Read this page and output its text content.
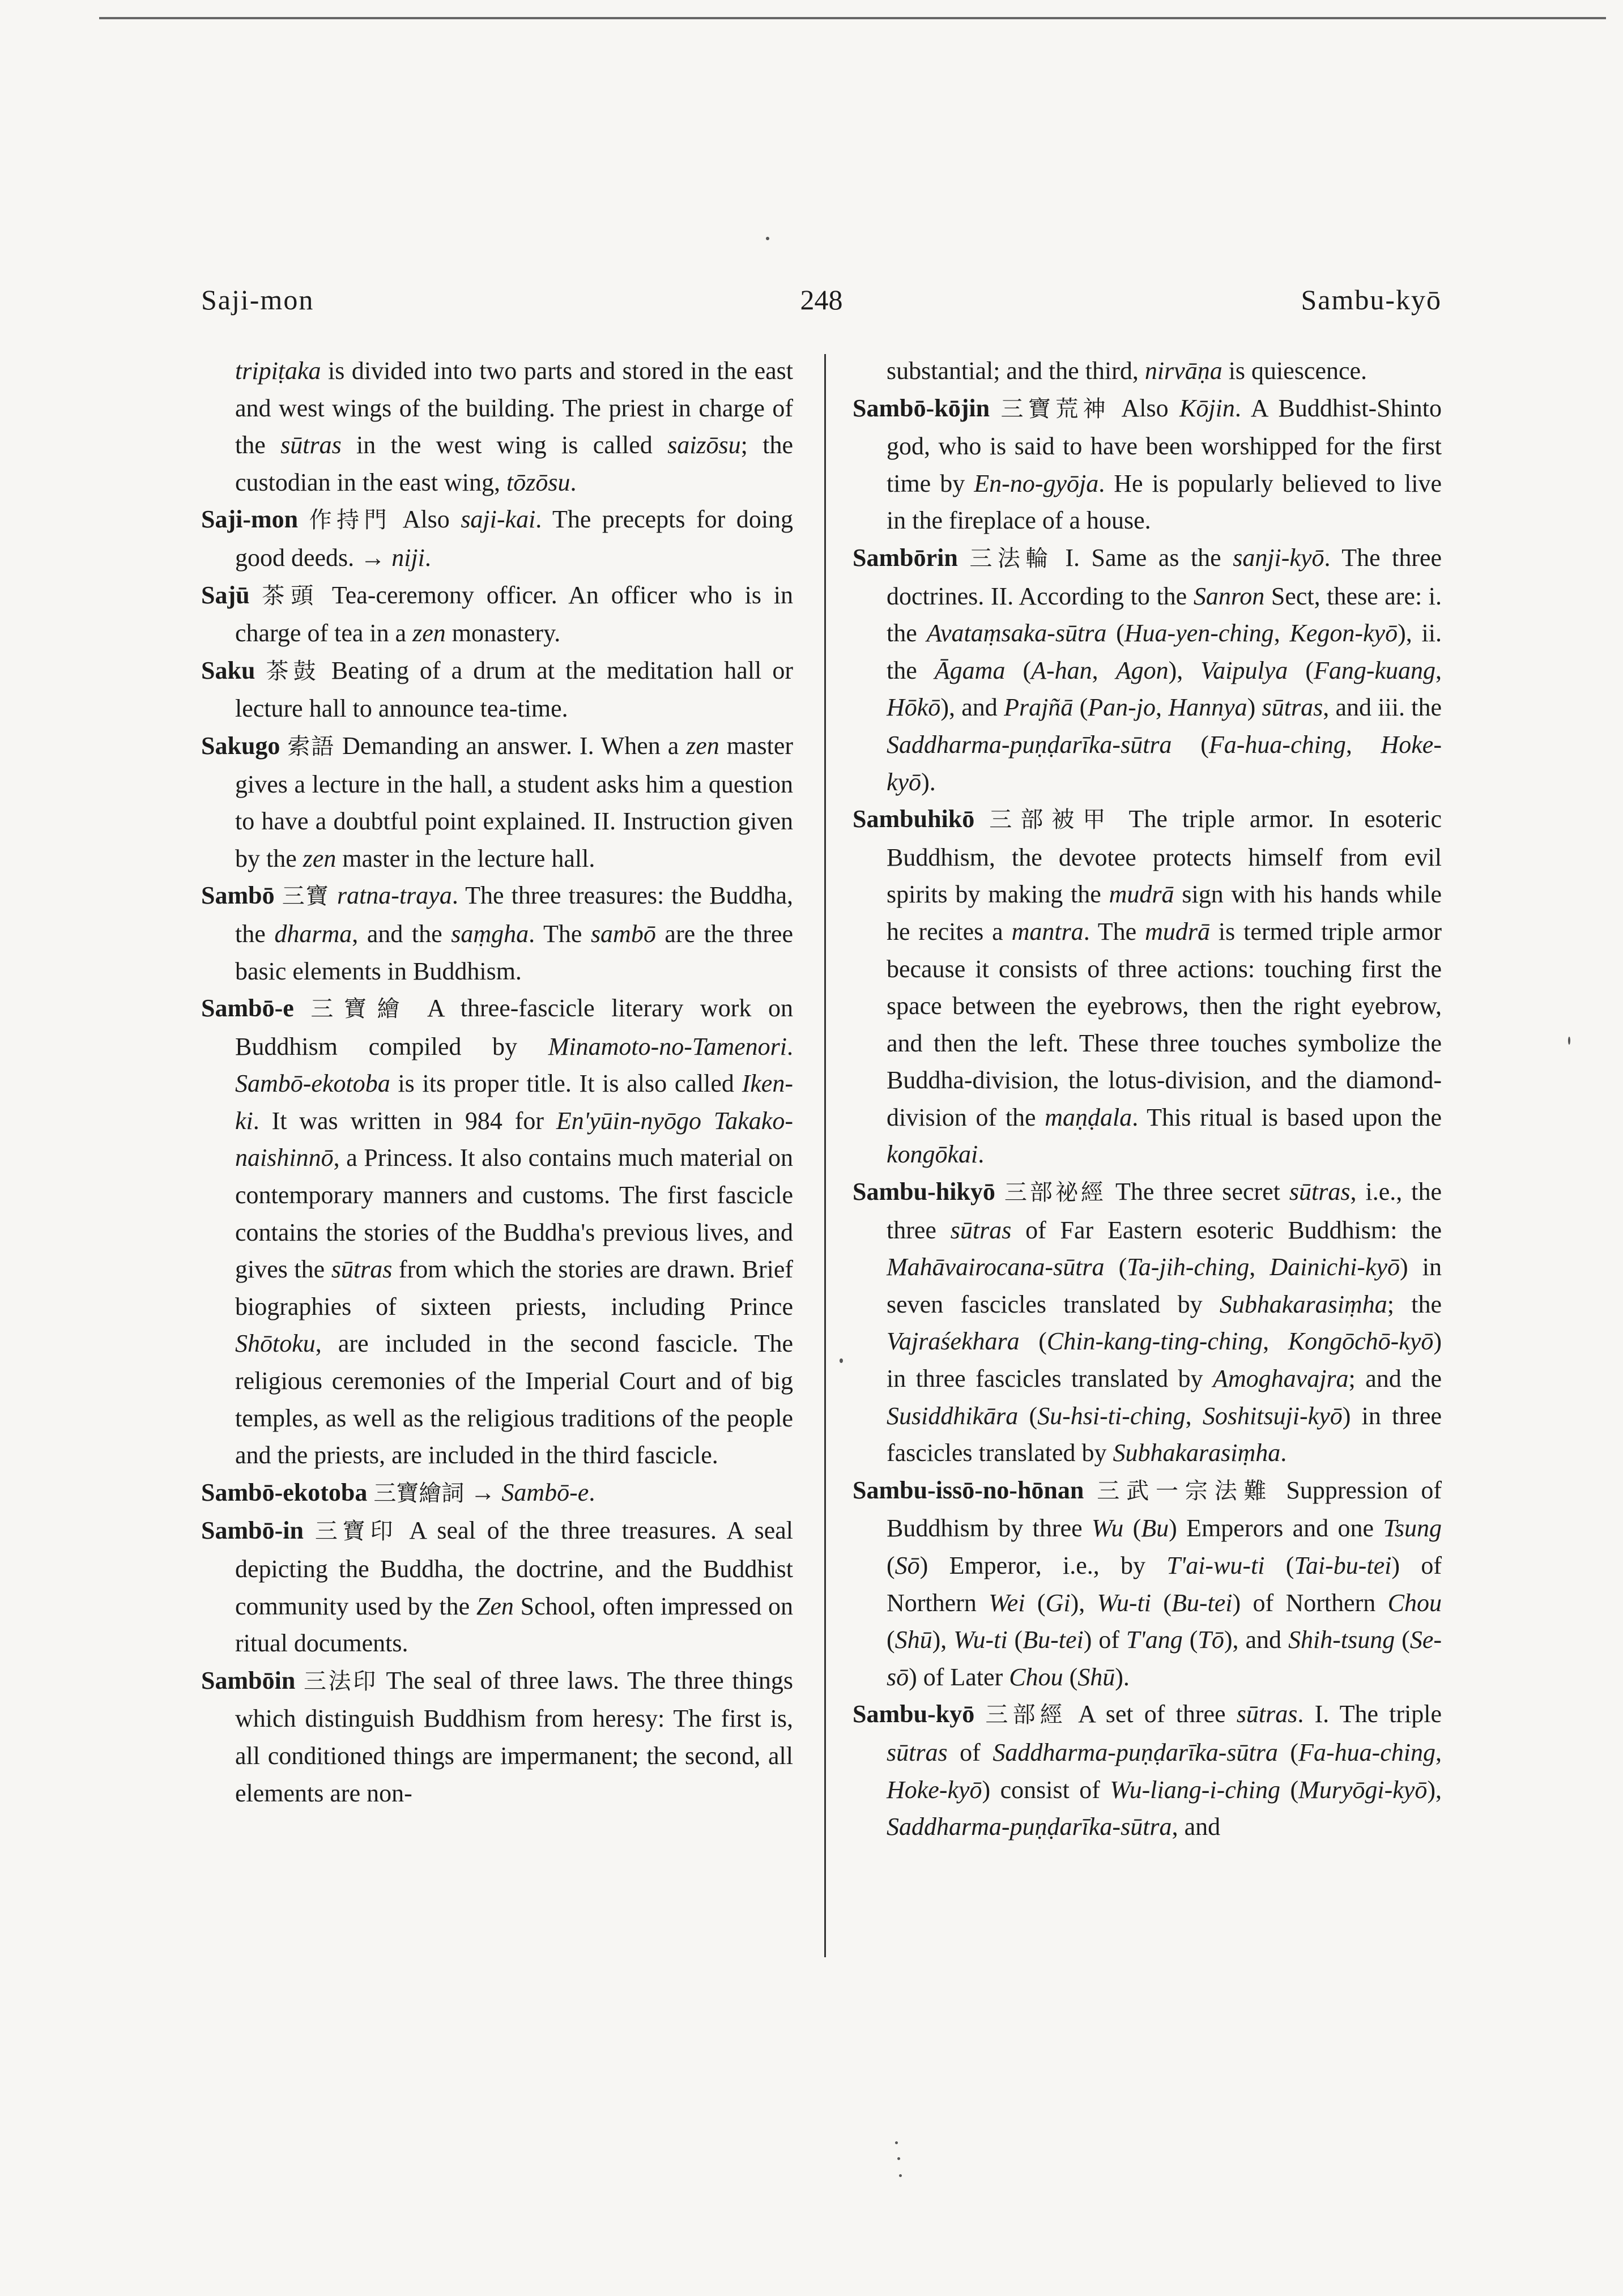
Saji-mon	248	Sambu-kyō

tripiṭaka is divided into two parts and stored in the east and west wings of the building. The priest in charge of the sūtras in the west wing is called saizōsu; the custodian in the east wing, tōzōsu.

Saji-mon 作持門 Also saji-kai. The precepts for doing good deeds. → niji.

Sajū 茶頭 Tea-ceremony officer. An officer who is in charge of tea in a zen monastery.

Saku 茶鼓 Beating of a drum at the meditation hall or lecture hall to announce tea-time.

Sakugo 索語 Demanding an answer. I. When a zen master gives a lecture in the hall, a student asks him a question to have a doubtful point explained. II. Instruction given by the zen master in the lecture hall.

Sambō 三寶 ratna-traya. The three treasures: the Buddha, the dharma, and the saṃgha. The sambō are the three basic elements in Buddhism.

Sambō-e 三寶繪 A three-fascicle literary work on Buddhism compiled by Minamoto-no-Tamenori. Sambō-ekotoba is its proper title. It is also called Iken-ki. It was written in 984 for En'yūin-nyōgo Takako-naishinnō, a Princess. It also contains much material on contemporary manners and customs. The first fascicle contains the stories of the Buddha's previous lives, and gives the sūtras from which the stories are drawn. Brief biographies of sixteen priests, including Prince Shōtoku, are included in the second fascicle. The religious ceremonies of the Imperial Court and of big temples, as well as the religious traditions of the people and the priests, are included in the third fascicle.

Sambō-ekotoba 三寶繪詞 → Sambō-e.

Sambō-in 三寶印 A seal of the three treasures. A seal depicting the Buddha, the doctrine, and the Buddhist community used by the Zen School, often impressed on ritual documents.

Sambōin 三法印 The seal of three laws. The three things which distinguish Buddhism from heresy: The first is, all conditioned things are impermanent; the second, all elements are non-

substantial; and the third, nirvāṇa is quiescence.

Sambō-kōjin 三寶荒神 Also Kōjin. A Buddhist-Shinto god, who is said to have been worshipped for the first time by En-no-gyōja. He is popularly believed to live in the fireplace of a house.

Sambōrin 三法輪 I. Same as the sanji-kyō. The three doctrines. II. According to the Sanron Sect, these are: i. the Avataṃsaka-sūtra (Hua-yen-ching, Kegon-kyō), ii. the Āgama (A-han, Agon), Vaipulya (Fang-kuang, Hōkō), and Prajñā (Pan-jo, Hannya) sūtras, and iii. the Saddharma-puṇḍarīka-sūtra (Fa-hua-ching, Hoke-kyō).

Sambuhikō 三部被甲 The triple armor. In esoteric Buddhism, the devotee protects himself from evil spirits by making the mudrā sign with his hands while he recites a mantra. The mudrā is termed triple armor because it consists of three actions: touching first the space between the eyebrows, then the right eyebrow, and then the left. These three touches symbolize the Buddha-division, the lotus-division, and the diamond-division of the maṇḍala. This ritual is based upon the kongōkai.

Sambu-hikyō 三部祕經 The three secret sūtras, i.e., the three sūtras of Far Eastern esoteric Buddhism: the Mahāvairocana-sūtra (Ta-jih-ching, Dainichi-kyō) in seven fascicles translated by Subhakarasiṃha; the Vajraśekhara (Chin-kang-ting-ching, Kongōchō-kyō) in three fascicles translated by Amoghavajra; and the Susiddhikāra (Su-hsi-ti-ching, Soshitsuji-kyō) in three fascicles translated by Subhakarasiṃha.

Sambu-issō-no-hōnan 三武一宗法難 Suppression of Buddhism by three Wu (Bu) Emperors and one Tsung (Sō) Emperor, i.e., by T'ai-wu-ti (Tai-bu-tei) of Northern Wei (Gi), Wu-ti (Bu-tei) of Northern Chou (Shū), Wu-ti (Bu-tei) of T'ang (Tō), and Shih-tsung (Se-sō) of Later Chou (Shū).

Sambu-kyō 三部經 A set of three sūtras. I. The triple sūtras of Saddharma-puṇḍarīka-sūtra (Fa-hua-ching, Hoke-kyō) consist of Wu-liang-i-ching (Muryōgi-kyō), Saddharma-puṇḍarīka-sūtra, and
